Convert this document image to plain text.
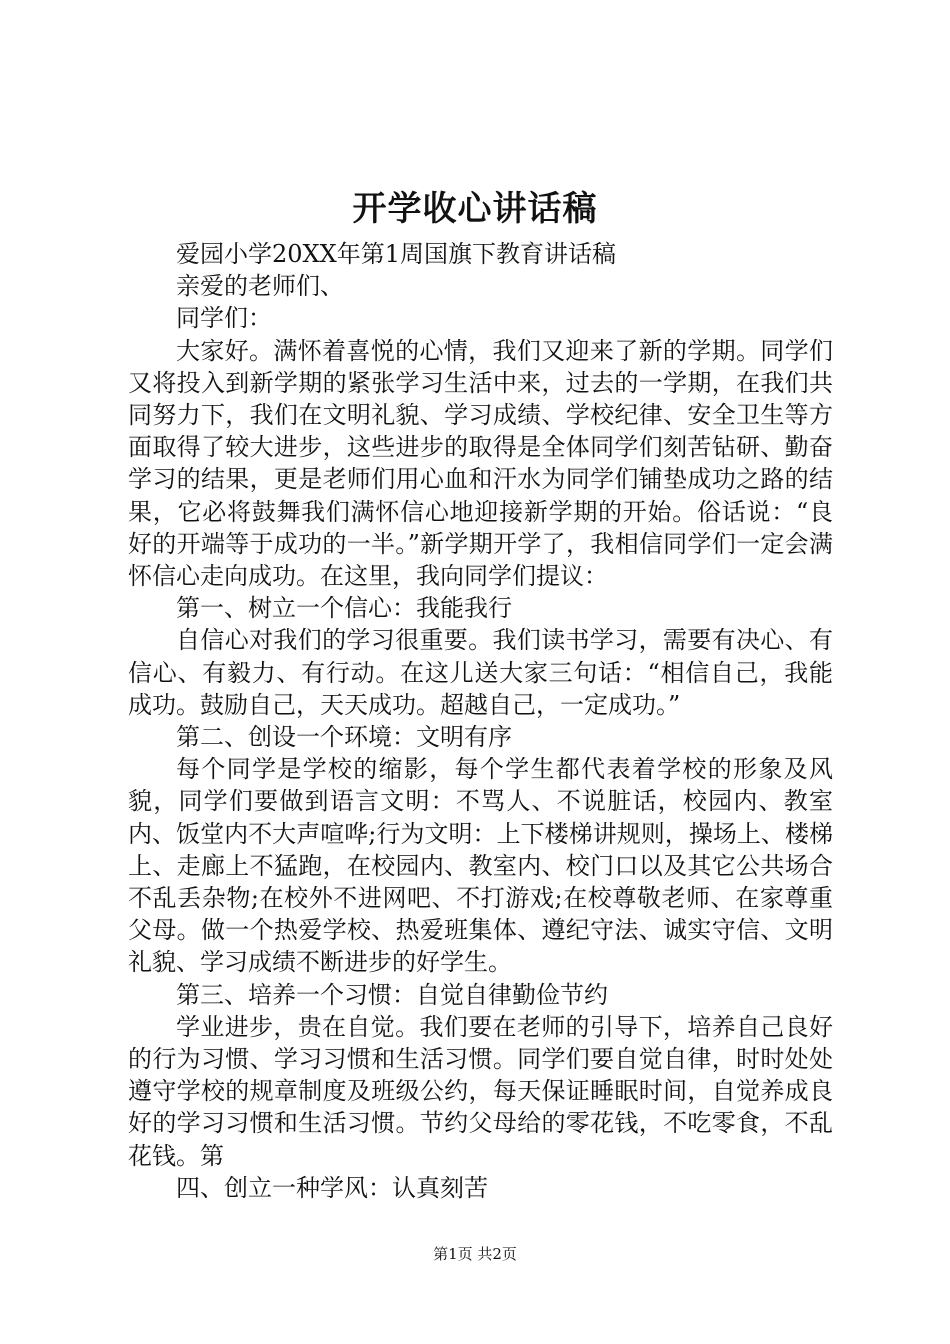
开学收心讲话稿

爱园小学20XX年第1周国旗下教育讲话稿

亲爱的老师们、

同学们：

大家好。满怀着喜悦的心情，我们又迎来了新的学期。同学们又将投入到新学期的紧张学习生活中来，过去的一学期，在我们共同努力下，我们在文明礼貌、学习成绩、学校纪律、安全卫生等方面取得了较大进步，这些进步的取得是全体同学们刻苦钻研、勤奋学习的结果，更是老师们用心血和汗水为同学们铺垫成功之路的结果，它必将鼓舞我们满怀信心地迎接新学期的开始。俗话说：“良好的开端等于成功的一半。”新学期开学了，我相信同学们一定会满怀信心走向成功。在这里，我向同学们提议：

第一、树立一个信心：我能我行

自信心对我们的学习很重要。我们读书学习，需要有决心、有信心、有毅力、有行动。在这儿送大家三句话：“相信自己，我能成功。鼓励自己，天天成功。超越自己，一定成功。”

第二、创设一个环境：文明有序

每个同学是学校的缩影，每个学生都代表着学校的形象及风貌，同学们要做到语言文明：不骂人、不说脏话，校园内、教室内、饭堂内不大声喧哗;行为文明：上下楼梯讲规则，操场上、楼梯上、走廊上不猛跑，在校园内、教室内、校门口以及其它公共场合不乱丢杂物;在校外不进网吧、不打游戏;在校尊敬老师、在家尊重父母。做一个热爱学校、热爱班集体、遵纪守法、诚实守信、文明礼貌、学习成绩不断进步的好学生。

第三、培养一个习惯：自觉自律勤俭节约

学业进步，贵在自觉。我们要在老师的引导下，培养自己良好的行为习惯、学习习惯和生活习惯。同学们要自觉自律，时时处处遵守学校的规章制度及班级公约，每天保证睡眠时间，自觉养成良好的学习习惯和生活习惯。节约父母给的零花钱，不吃零食，不乱花钱。第

四、创立一种学风：认真刻苦

第1页 共2页
